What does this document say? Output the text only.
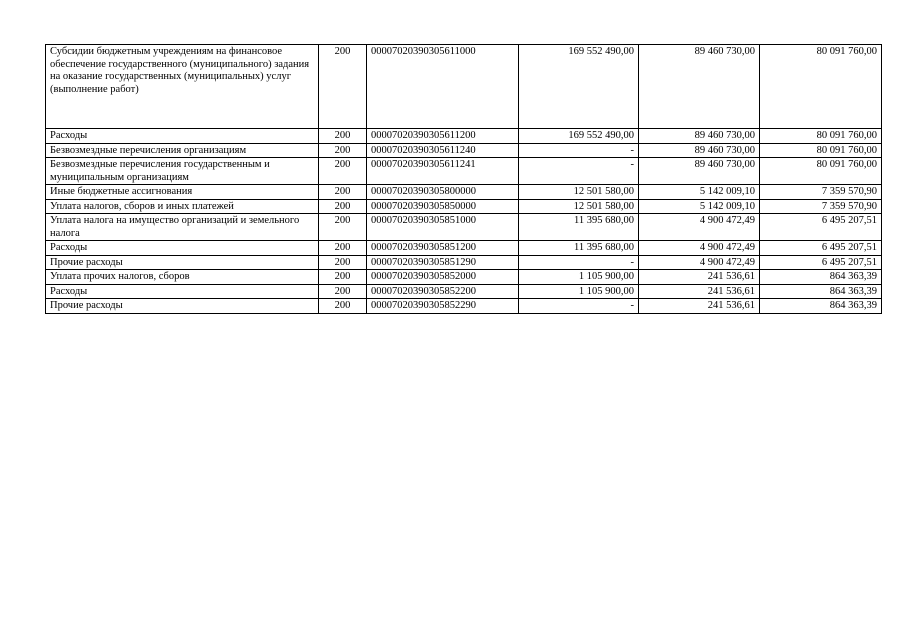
Субсидии бюджетным учреждениям на финансовое обеспечение государственного (муниципального) задания на оказание государственных (муниципальных) услуг (выполнение работ)	200	00007020390305611000	169 552 490,00	89 460 730,00	80 091 760,00
Расходы	200	00007020390305611200	169 552 490,00	89 460 730,00	80 091 760,00
Безвозмездные перечисления организациям	200	00007020390305611240	-	89 460 730,00	80 091 760,00
Безвозмездные перечисления государственным и муниципальным организациям	200	00007020390305611241	-	89 460 730,00	80 091 760,00
Иные бюджетные ассигнования	200	00007020390305800000	12 501 580,00	5 142 009,10	7 359 570,90
Уплата налогов, сборов и иных платежей	200	00007020390305850000	12 501 580,00	5 142 009,10	7 359 570,90
Уплата налога на имущество организаций и земельного налога	200	00007020390305851000	11 395 680,00	4 900 472,49	6 495 207,51
Расходы	200	00007020390305851200	11 395 680,00	4 900 472,49	6 495 207,51
Прочие расходы	200	00007020390305851290	-	4 900 472,49	6 495 207,51
Уплата прочих налогов, сборов	200	00007020390305852000	1 105 900,00	241 536,61	864 363,39
Расходы	200	00007020390305852200	1 105 900,00	241 536,61	864 363,39
Прочие расходы	200	00007020390305852290	-	241 536,61	864 363,39
